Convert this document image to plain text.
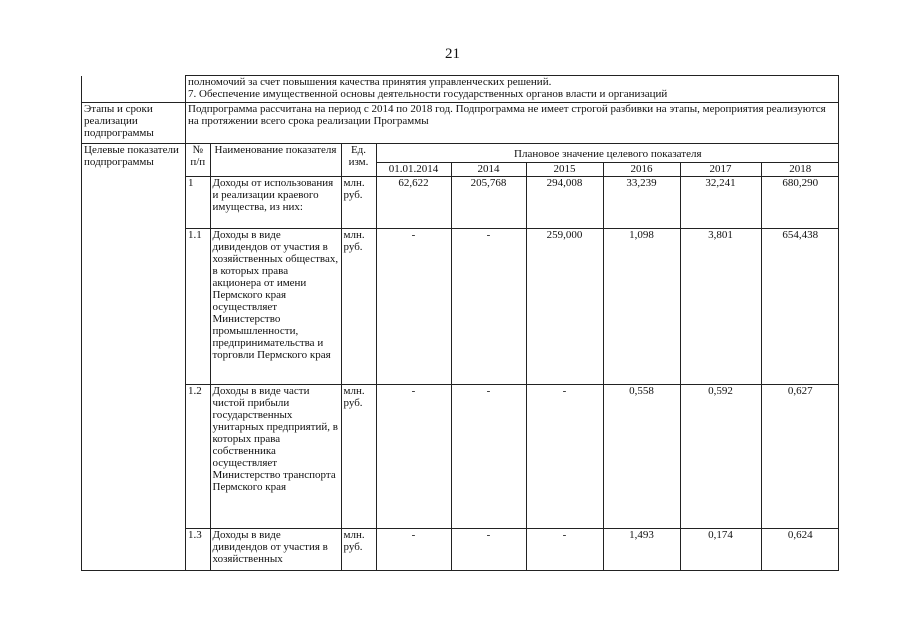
21

полномочий за счет повышения качества принятия управленческих решений.
7. Обеспечение имущественной основы деятельности государственных органов власти и организаций

Этапы и сроки реализации подпрограммы	Подпрограмма рассчитана на период с 2014 по 2018 год. Подпрограмма не имеет строгой разбивки на этапы, мероприятия реализуются на протяжении всего срока реализации Программы
Целевые показатели подпрограммы	
№ п/п	Наименование показателя	Ед. изм.	Плановое значение целевого показателя
01.01.2014	2014	2015	2016	2017	2018
1	Доходы от использования и реализации краевого имущества, из них:	млн. руб.	62,622	205,768	294,008	33,239	32,241	680,290
1.1	Доходы в виде дивидендов от участия в хозяйственных обществах, в которых права акционера от имени Пермского края осуществляет Министерство промышленности, предпринимательства и торговли Пермского края	млн. руб.	-	-	259,000	1,098	3,801	654,438
1.2	Доходы в виде части чистой прибыли государственных унитарных предприятий, в которых права собственника осуществляет Министерство транспорта Пермского края	млн. руб.	-	-	-	0,558	0,592	0,627
1.3	Доходы в виде дивидендов от участия в хозяйственных	млн. руб.	-	-	-	1,493	0,174	0,624
